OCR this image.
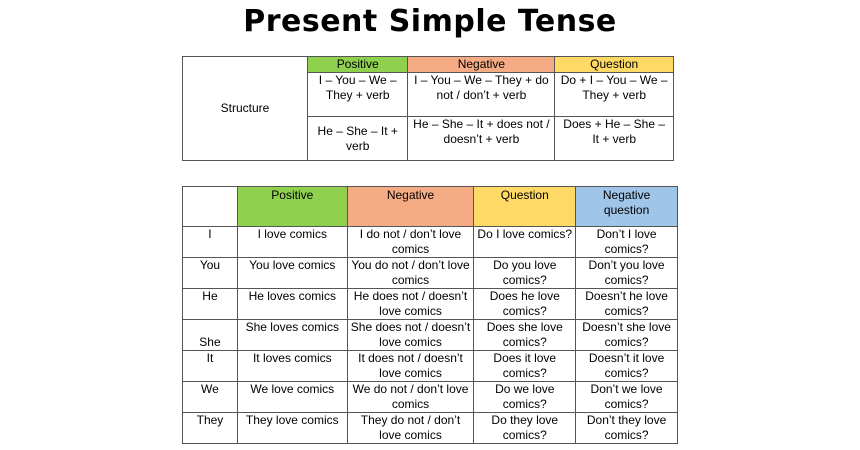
Present Simple Tense
Structure	Positive	Negative	Question
	I – You – We – They + verb	I – You – We – They + do not / don’t + verb	Do + I – You – We – They + verb
	He – She – It + verb	He – She – It + does not / doesn’t + verb	Does + He – She – It + verb
	Positive	Negative	Question	Negative question
I	I love comics	I do not / don’t love comics	Do I love comics?	Don’t I love comics?
You	You love comics	You do not / don’t love comics	Do you love comics?	Don’t you love comics?
He	He loves comics	He does not / doesn’t love comics	Does he love comics?	Doesn’t he love comics?
She	She loves comics	She does not / doesn’t love comics	Does she love comics?	Doesn’t she love comics?
It	It loves comics	It does not / doesn’t love comics	Does it love comics?	Doesn’t it love comics?
We	We love comics	We do not / don’t love comics	Do we love comics?	Don’t we love comics?
They	They love comics	They do not / don’t love comics	Do they love comics?	Don’t they love comics?
